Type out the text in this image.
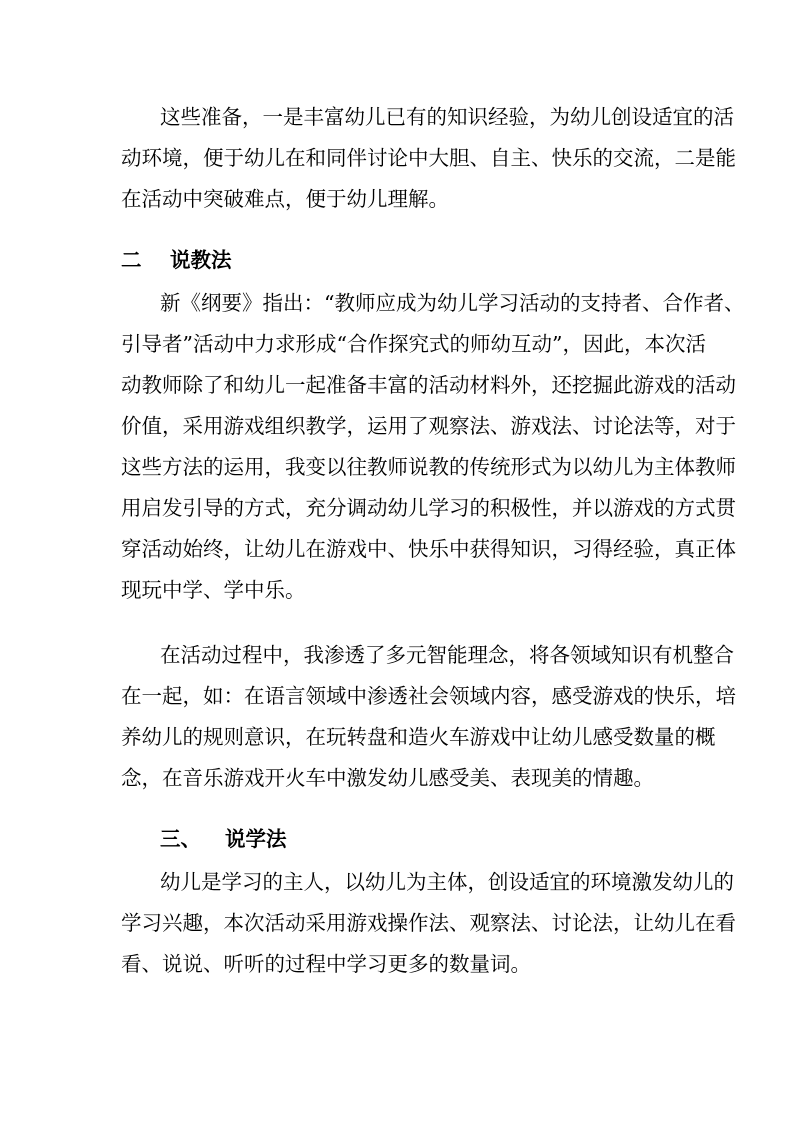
这些准备，一是丰富幼儿已有的知识经验，为幼儿创设适宜的活
动环境，便于幼儿在和同伴讨论中大胆、自主、快乐的交流，二是能
在活动中突破难点，便于幼儿理解。
二 说教法
新《纲要》指出：“教师应成为幼儿学习活动的支持者、合作者、
引导者”活动中力求形成“合作探究式的师幼互动”，因此，本次活
动教师除了和幼儿一起准备丰富的活动材料外，还挖掘此游戏的活动
价值，采用游戏组织教学，运用了观察法、游戏法、讨论法等，对于
这些方法的运用，我变以往教师说教的传统形式为以幼儿为主体教师
用启发引导的方式，充分调动幼儿学习的积极性，并以游戏的方式贯
穿活动始终，让幼儿在游戏中、快乐中获得知识，习得经验，真正体
现玩中学、学中乐。
在活动过程中，我渗透了多元智能理念，将各领域知识有机整合
在一起，如：在语言领域中渗透社会领域内容，感受游戏的快乐，培
养幼儿的规则意识，在玩转盘和造火车游戏中让幼儿感受数量的概
念，在音乐游戏开火车中激发幼儿感受美、表现美的情趣。
三、 说学法
幼儿是学习的主人，以幼儿为主体，创设适宜的环境激发幼儿的
学习兴趣，本次活动采用游戏操作法、观察法、讨论法，让幼儿在看
看、说说、听听的过程中学习更多的数量词。
